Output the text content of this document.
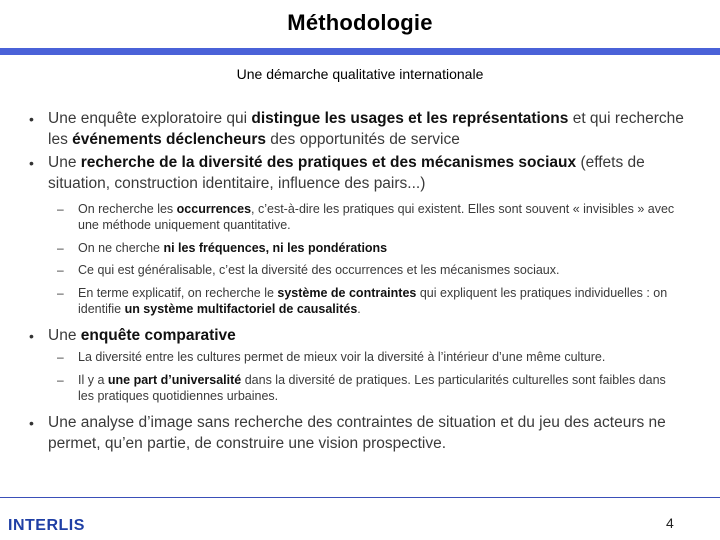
Méthodologie
Une démarche qualitative internationale
• Une enquête exploratoire qui distingue les usages et les représentations et qui recherche les événements déclencheurs des opportunités de service
• Une recherche de la diversité des pratiques et des mécanismes sociaux (effets de situation, construction identitaire, influence des pairs...)
– On recherche les occurrences, c’est-à-dire les pratiques qui existent. Elles sont souvent « invisibles » avec une méthode uniquement quantitative.
– On ne cherche ni les fréquences, ni les pondérations
– Ce qui est généralisable, c’est la diversité des occurrences et les mécanismes sociaux.
– En terme explicatif, on recherche le système de contraintes qui expliquent les pratiques individuelles : on identifie un système multifactoriel de causalités.
• Une enquête comparative
– La diversité entre les cultures permet de mieux voir la diversité à l’intérieur d’une même culture.
– Il y a une part d’universalité dans la diversité de pratiques. Les particularités culturelles sont faibles dans les pratiques quotidiennes urbaines.
• Une analyse d’image sans recherche des contraintes de situation et du jeu des acteurs ne permet, qu’en partie, de construire une vision prospective.
INTERLIS	4
